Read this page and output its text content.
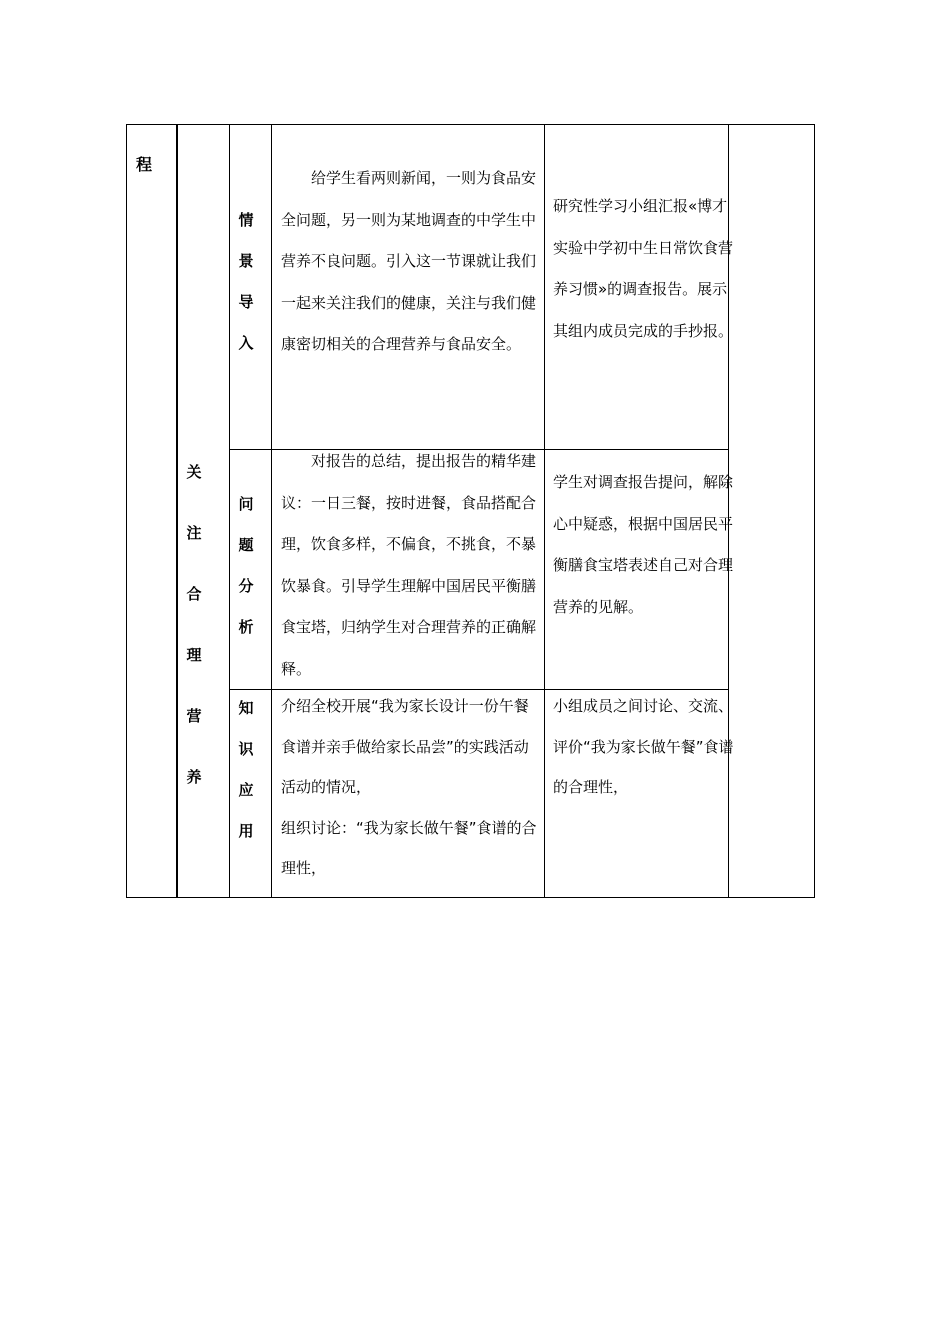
程
关注合理营养
情景导入

给学生看两则新闻，一则为食品安全问题，另一则为某地调查的中学生中营养不良问题。引入这一节课就让我们一起来关注我们的健康，关注与我们健康密切相关的合理营养与食品安全。

研究性学习小组汇报«博才实验中学初中生日常饮食营养习惯»的调查报告。展示其组内成员完成的手抄报。
问题分析

对报告的总结，提出报告的精华建议：一日三餐，按时进餐，食品搭配合理，饮食多样，不偏食，不挑食，不暴饮暴食。引导学生理解中国居民平衡膳食宝塔，归纳学生对合理营养的正确解释。

学生对调查报告提问，解除心中疑惑，根据中国居民平衡膳食宝塔表述自己对合理营养的见解。
知识应用

介绍全校开展“我为家长设计一份午餐食谱并亲手做给家长品尝”的实践活动活动的情况，

组织讨论：“我为家长做午餐”食谱的合理性，

小组成员之间讨论、交流、评价“我为家长做午餐”食谱的合理性，
